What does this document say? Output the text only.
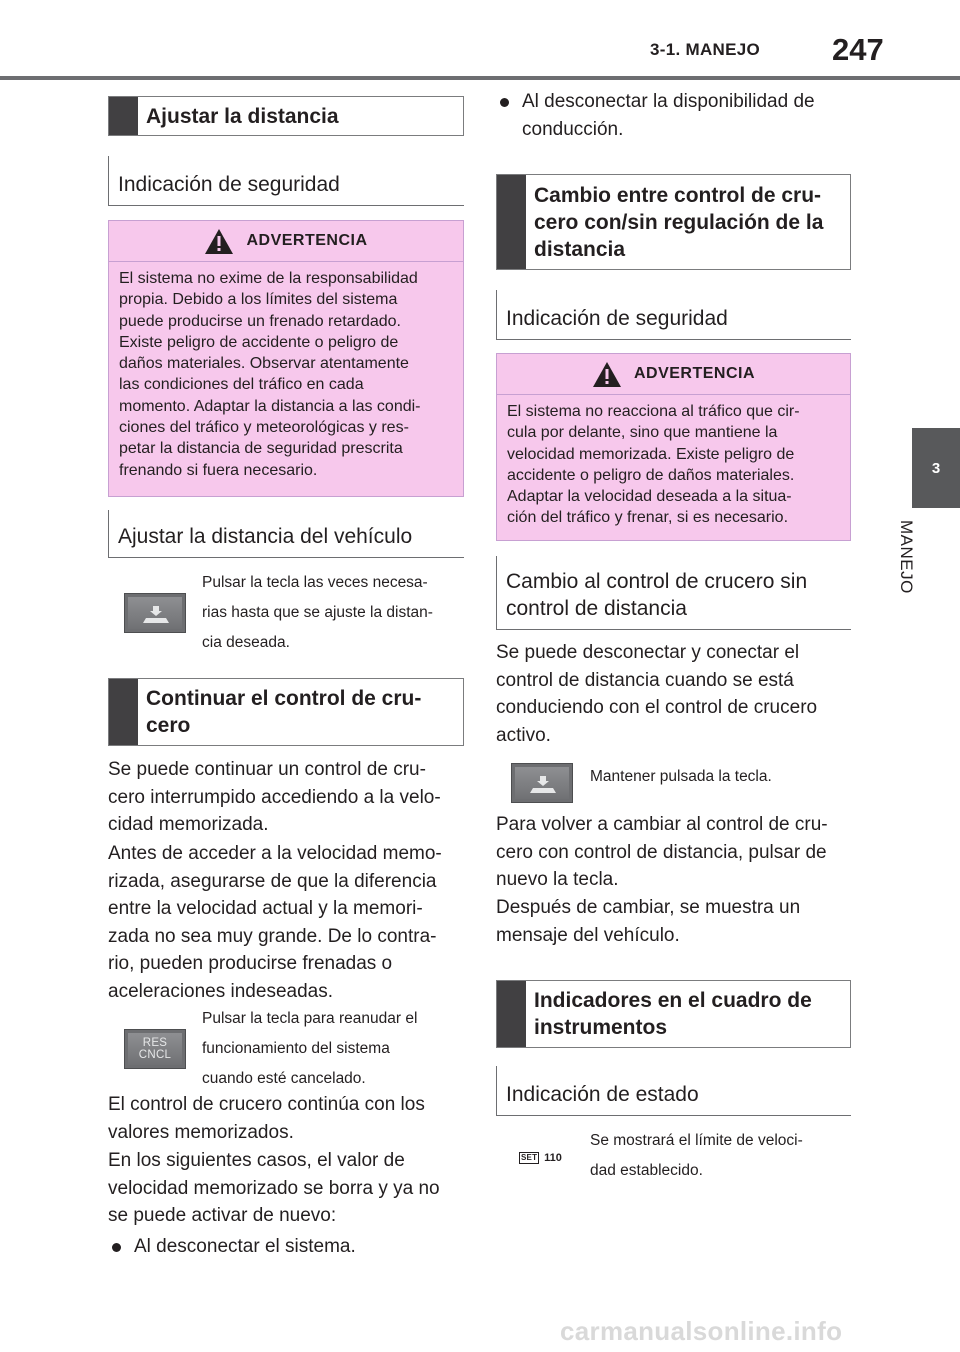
3-1. MANEJO 247
3
MANEJO
Ajustar la distancia
Indicación de seguridad
ADVERTENCIA
El sistema no exime de la responsabilidad
propia. Debido a los límites del sistema
puede producirse un frenado retardado.
Existe peligro de accidente o peligro de
daños materiales. Observar atentamente
las condiciones del tráfico en cada
momento. Adaptar la distancia a las condi-
ciones del tráfico y meteorológicas y res-
petar la distancia de seguridad prescrita
frenando si fuera necesario.
Ajustar la distancia del vehículo
Pulsar la tecla las veces necesa-
rias hasta que se ajuste la distan-
cia deseada.
Continuar el control de cru-
cero
Se puede continuar un control de cru-
cero interrumpido accediendo a la velo-
cidad memorizada.
Antes de acceder a la velocidad memo-
rizada, asegurarse de que la diferencia
entre la velocidad actual y la memori-
zada no sea muy grande. De lo contra-
rio, pueden producirse frenadas o
aceleraciones indeseadas.
RES
CNCL
Pulsar la tecla para reanudar el
funcionamiento del sistema
cuando esté cancelado.
El control de crucero continúa con los
valores memorizados.
En los siguientes casos, el valor de
velocidad memorizado se borra y ya no
se puede activar de nuevo:
Al desconectar el sistema.
Al desconectar la disponibilidad de
conducción.
Cambio entre control de cru-
cero con/sin regulación de la
distancia
Indicación de seguridad
ADVERTENCIA
El sistema no reacciona al tráfico que cir-
cula por delante, sino que mantiene la
velocidad memorizada. Existe peligro de
accidente o peligro de daños materiales.
Adaptar la velocidad deseada a la situa-
ción del tráfico y frenar, si es necesario.
Cambio al control de crucero sin
control de distancia
Se puede desconectar y conectar el
control de distancia cuando se está
conduciendo con el control de crucero
activo.
Mantener pulsada la tecla.
Para volver a cambiar al control de cru-
cero con control de distancia, pulsar de
nuevo la tecla.
Después de cambiar, se muestra un
mensaje del vehículo.
Indicadores en el cuadro de
instrumentos
Indicación de estado
SET 110
Se mostrará el límite de veloci-
dad establecido.
carmanualsonline.info
